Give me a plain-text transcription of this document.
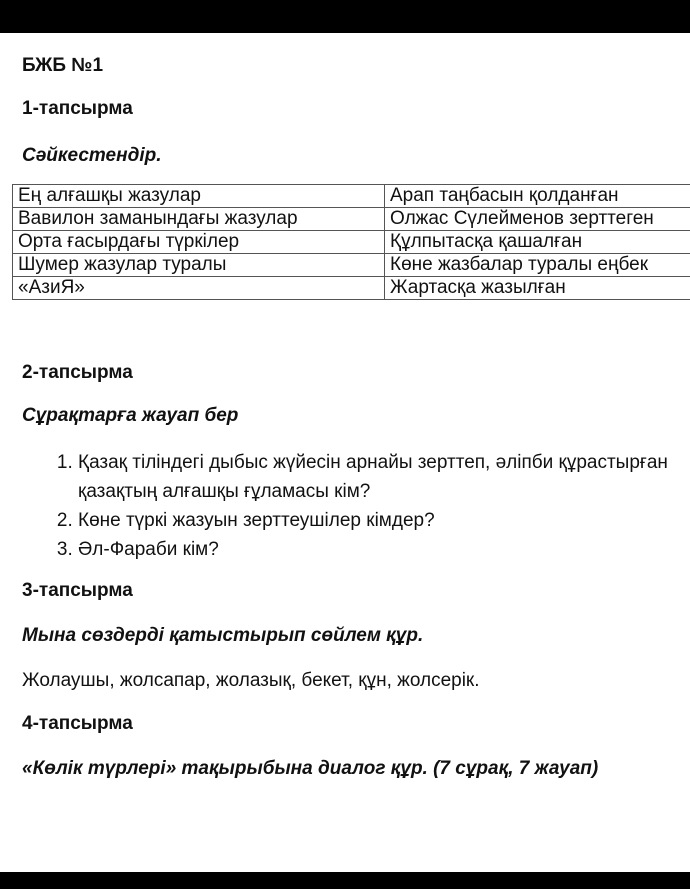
БЖБ №1
1-тапсырма
Сәйкестендір.
Ең алғашқы жазулар	Арап таңбасын қолданған
Вавилон заманындағы жазулар	Олжас Сүлейменов зерттеген
Орта ғасырдағы түркілер	Құлпытасқа қашалған
Шумер жазулар туралы	Көне жазбалар туралы еңбек
«АзиЯ»	Жартасқа жазылған
2-тапсырма
Сұрақтарға жауап бер
1. Қазақ тіліндегі дыбыс жүйесін арнайы зерттеп, әліпби құрастырған қазақтың алғашқы ғұламасы кім?
2. Көне түркі жазуын зерттеушілер кімдер?
3. Әл-Фараби кім?
3-тапсырма
Мына сөздерді қатыстырып сөйлем құр.
Жолаушы, жолсапар, жолазық, бекет, құн, жолсерік.
4-тапсырма
«Көлік түрлері» тақырыбына диалог құр. (7 сұрақ, 7 жауап)
